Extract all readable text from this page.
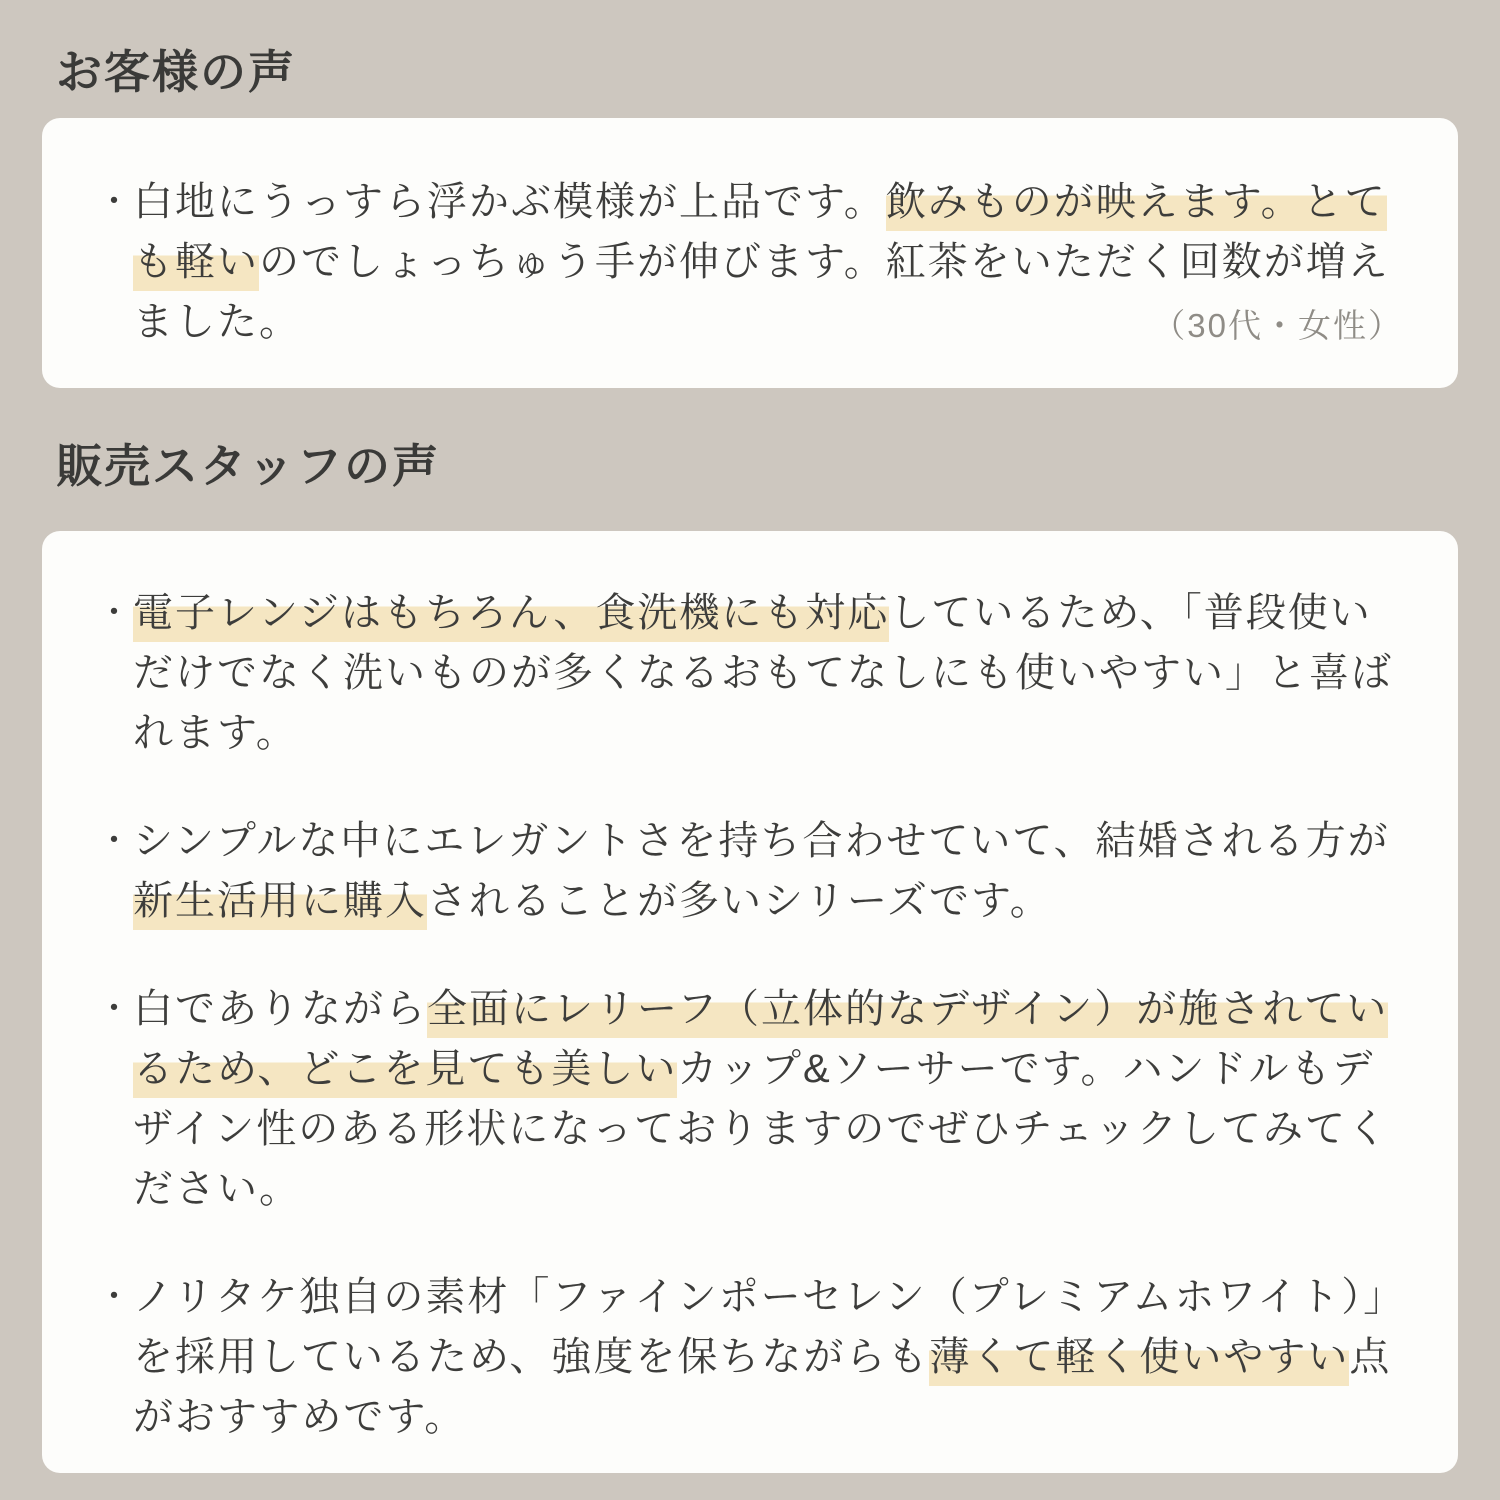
お客様の声
・ 白地にうっすら浮かぶ模様が上品です。飲みものが映えます。とても軽いのでしょっちゅう手が伸びます。紅茶をいただく回数が増えました。	（30代・女性）
販売スタッフの声
・ 電子レンジはもちろん、食洗機にも対応しているため、「普段使いだけでなく洗いものが多くなるおもてなしにも使いやすい」と喜ばれます。
・ シンプルな中にエレガントさを持ち合わせていて、結婚される方が新生活用に購入されることが多いシリーズです。
・ 白でありながら全面にレリーフ（立体的なデザイン）が施されているため、どこを見ても美しいカップ&ソーサーです。ハンドルもデザイン性のある形状になっておりますのでぜひチェックしてみてください。
・ ノリタケ独自の素材「ファインポーセレン（プレミアムホワイト）」を採用しているため、強度を保ちながらも薄くて軽く使いやすい点がおすすめです。
